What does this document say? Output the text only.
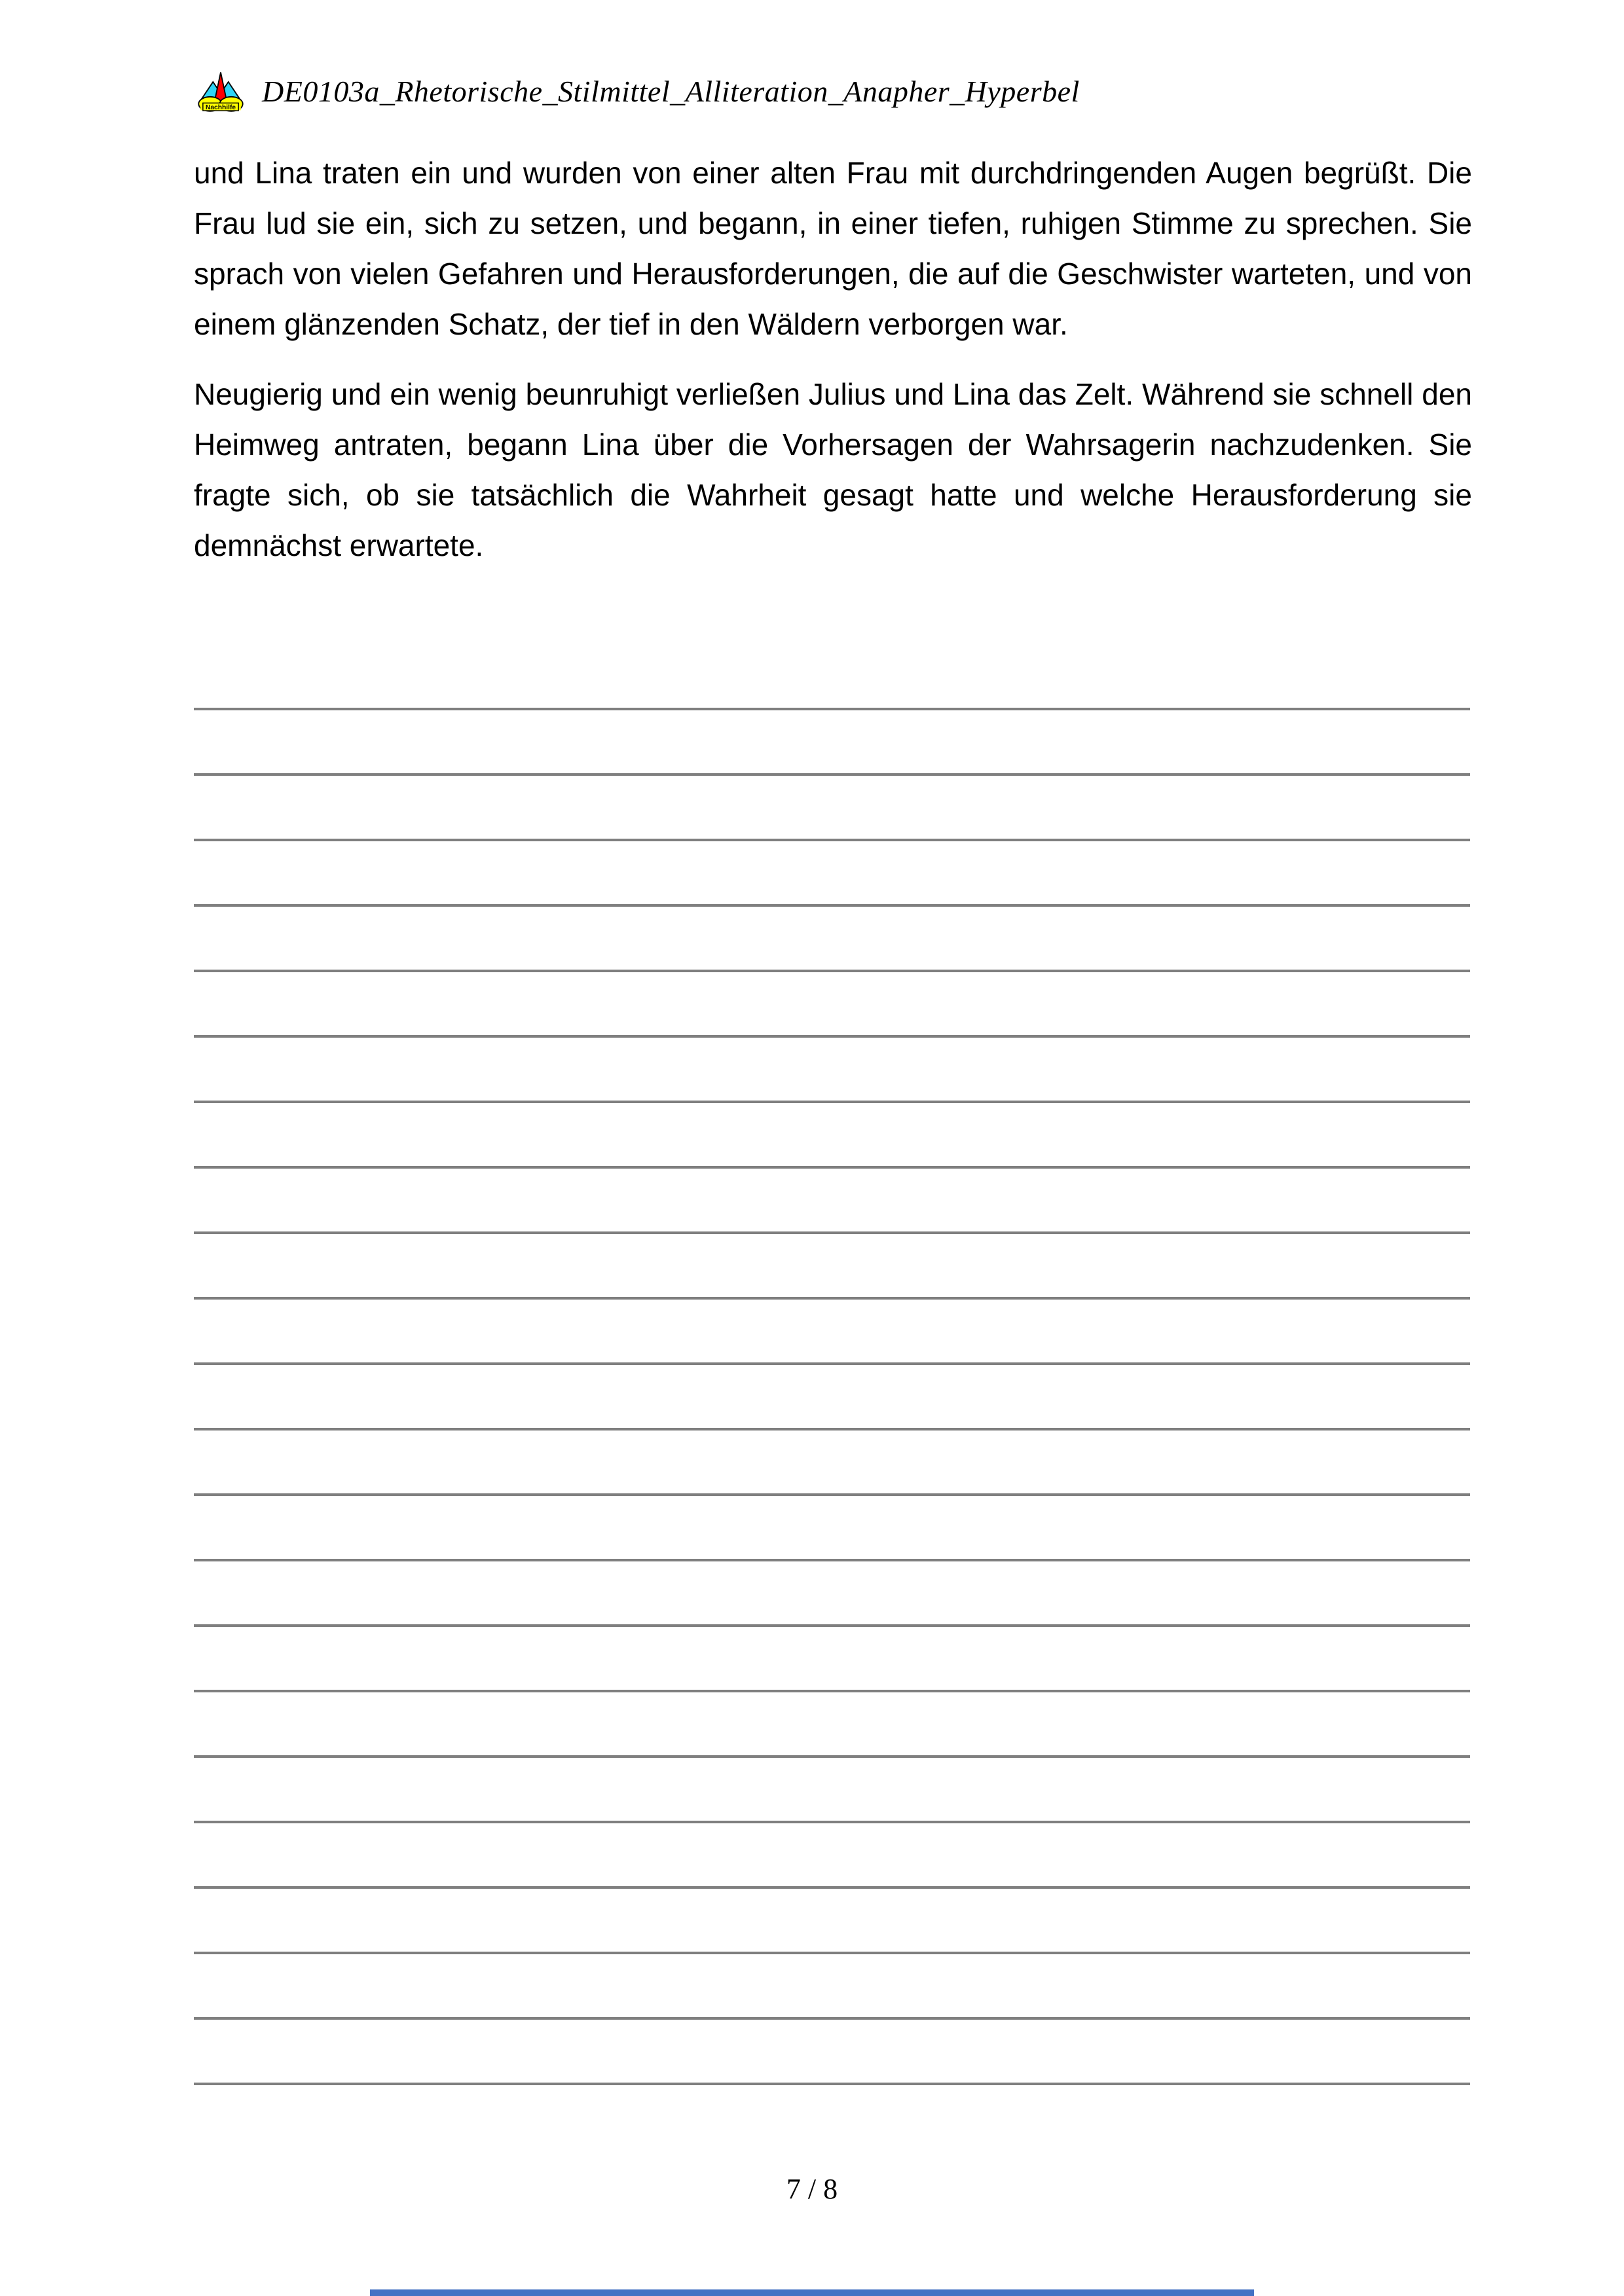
Nachhilfe DE0103a_Rhetorische_Stilmittel_Alliteration_Anapher_Hyperbel

und Lina traten ein und wurden von einer alten Frau mit durchdringenden Augen begrüßt. Die Frau lud sie ein, sich zu setzen, und begann, in einer tiefen, ruhigen Stimme zu sprechen. Sie sprach von vielen Gefahren und Herausforderungen, die auf die Geschwister warteten, und von einem glänzenden Schatz, der tief in den Wäldern verborgen war.

Neugierig und ein wenig beunruhigt verließen Julius und Lina das Zelt. Während sie schnell den Heimweg antraten, begann Lina über die Vorhersagen der Wahrsagerin nachzudenken. Sie fragte sich, ob sie tatsächlich die Wahrheit gesagt hatte und welche Herausforderung sie demnächst erwartete.

7 / 8
